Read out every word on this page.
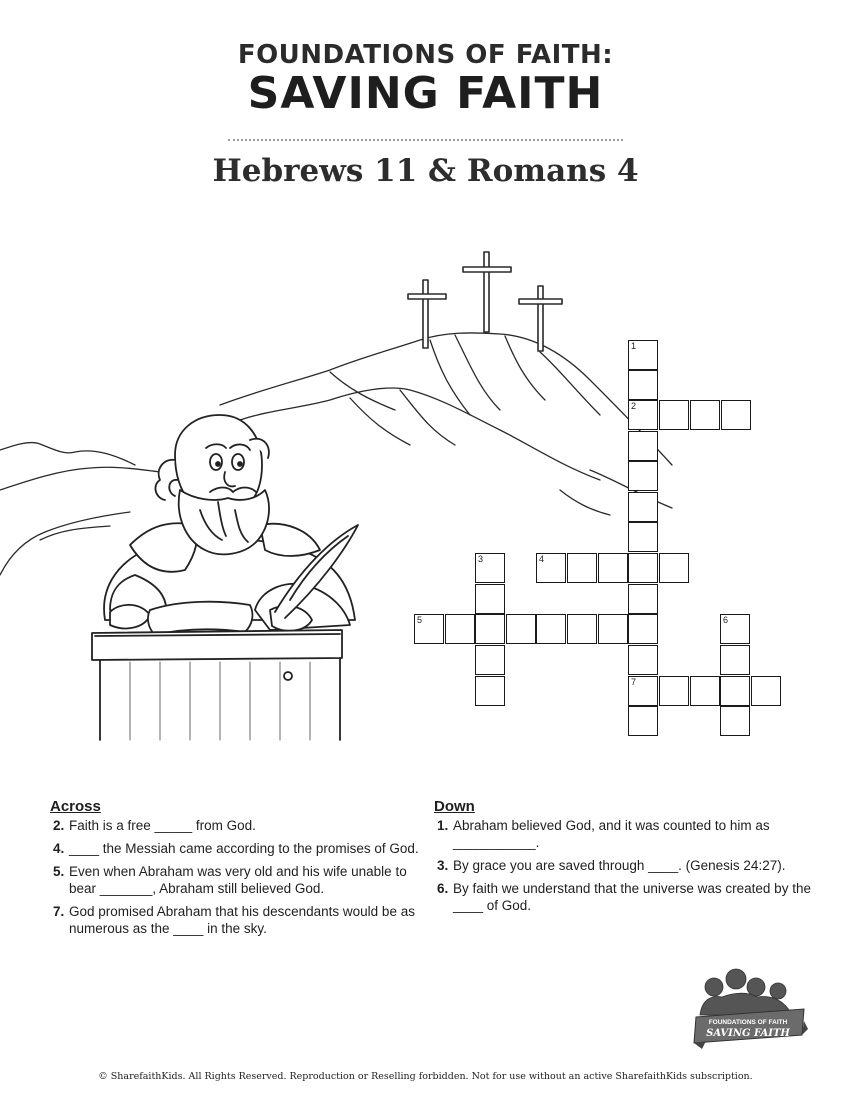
FOUNDATIONS OF FAITH:
SAVING FAITH
Hebrews 11 & Romans 4
1
2
3	4
5	6
7
Across
2. Faith is a free _____ from God.
4. ____ the Messiah came according to the promises of God.
5. Even when Abraham was very old and his wife unable to bear _______, Abraham still believed God.
7. God promised Abraham that his descendants would be as numerous as the ____ in the sky.
Down
1. Abraham believed God, and it was counted to him as ___________.
3. By grace you are saved through ____. (Genesis 24:27).
6. By faith we understand that the universe was created by the ____ of God.
FOUNDATIONS OF FAITH
SAVING FAITH
© SharefaithKids. All Rights Reserved. Reproduction or Reselling forbidden. Not for use without an active SharefaithKids subscription.
